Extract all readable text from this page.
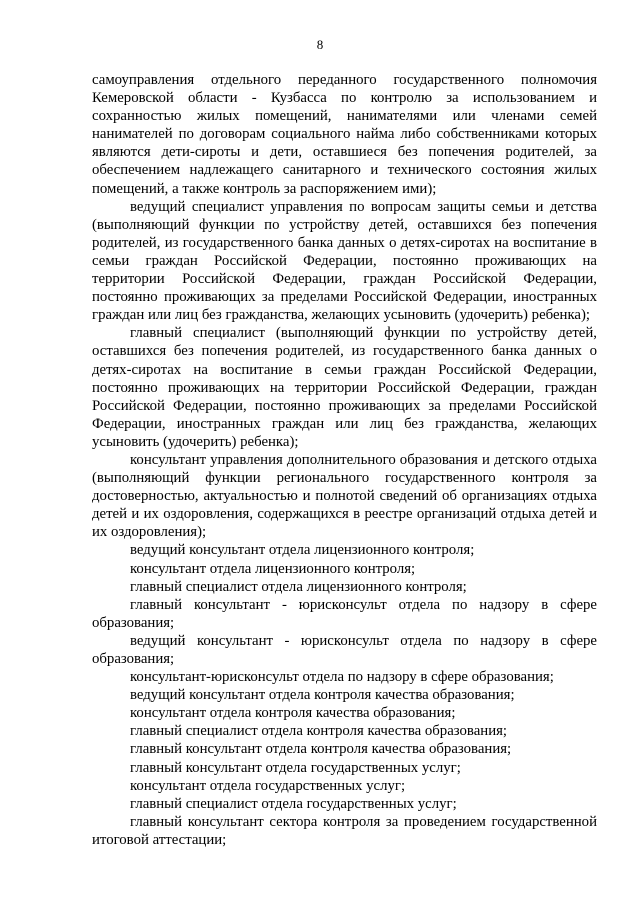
8

самоуправления отдельного переданного государственного полномочия Кемеровской области - Кузбасса по контролю за использованием и сохранностью жилых помещений, нанимателями или членами семей нанимателей по договорам социального найма либо собственниками которых являются дети-сироты и дети, оставшиеся без попечения родителей, за обеспечением надлежащего санитарного и технического состояния жилых помещений, а также контроль за распоряжением ими);

ведущий специалист управления по вопросам защиты семьи и детства (выполняющий функции по устройству детей, оставшихся без попечения родителей, из государственного банка данных о детях-сиротах на воспитание в семьи граждан Российской Федерации, постоянно проживающих на территории Российской Федерации, граждан Российской Федерации, постоянно проживающих за пределами Российской Федерации, иностранных граждан или лиц без гражданства, желающих усыновить (удочерить) ребенка);

главный специалист (выполняющий функции по устройству детей, оставшихся без попечения родителей, из государственного банка данных о детях-сиротах на воспитание в семьи граждан Российской Федерации, постоянно проживающих на территории Российской Федерации, граждан Российской Федерации, постоянно проживающих за пределами Российской Федерации, иностранных граждан или лиц без гражданства, желающих усыновить (удочерить) ребенка);

консультант управления дополнительного образования и детского отдыха (выполняющий функции регионального государственного контроля за достоверностью, актуальностью и полнотой сведений об организациях отдыха детей и их оздоровления, содержащихся в реестре организаций отдыха детей и их оздоровления);

ведущий консультант отдела лицензионного контроля;

консультант отдела лицензионного контроля;

главный специалист отдела лицензионного контроля;

главный консультант - юрисконсульт отдела по надзору в сфере образования;

ведущий консультант - юрисконсульт отдела по надзору в сфере образования;

консультант-юрисконсульт отдела по надзору в сфере образования;

ведущий консультант отдела контроля качества образования;

консультант отдела контроля качества образования;

главный специалист отдела контроля качества образования;

главный консультант отдела контроля качества образования;

главный консультант отдела государственных услуг;

консультант отдела государственных услуг;

главный специалист отдела государственных услуг;

главный консультант сектора контроля за проведением государственной итоговой аттестации;
